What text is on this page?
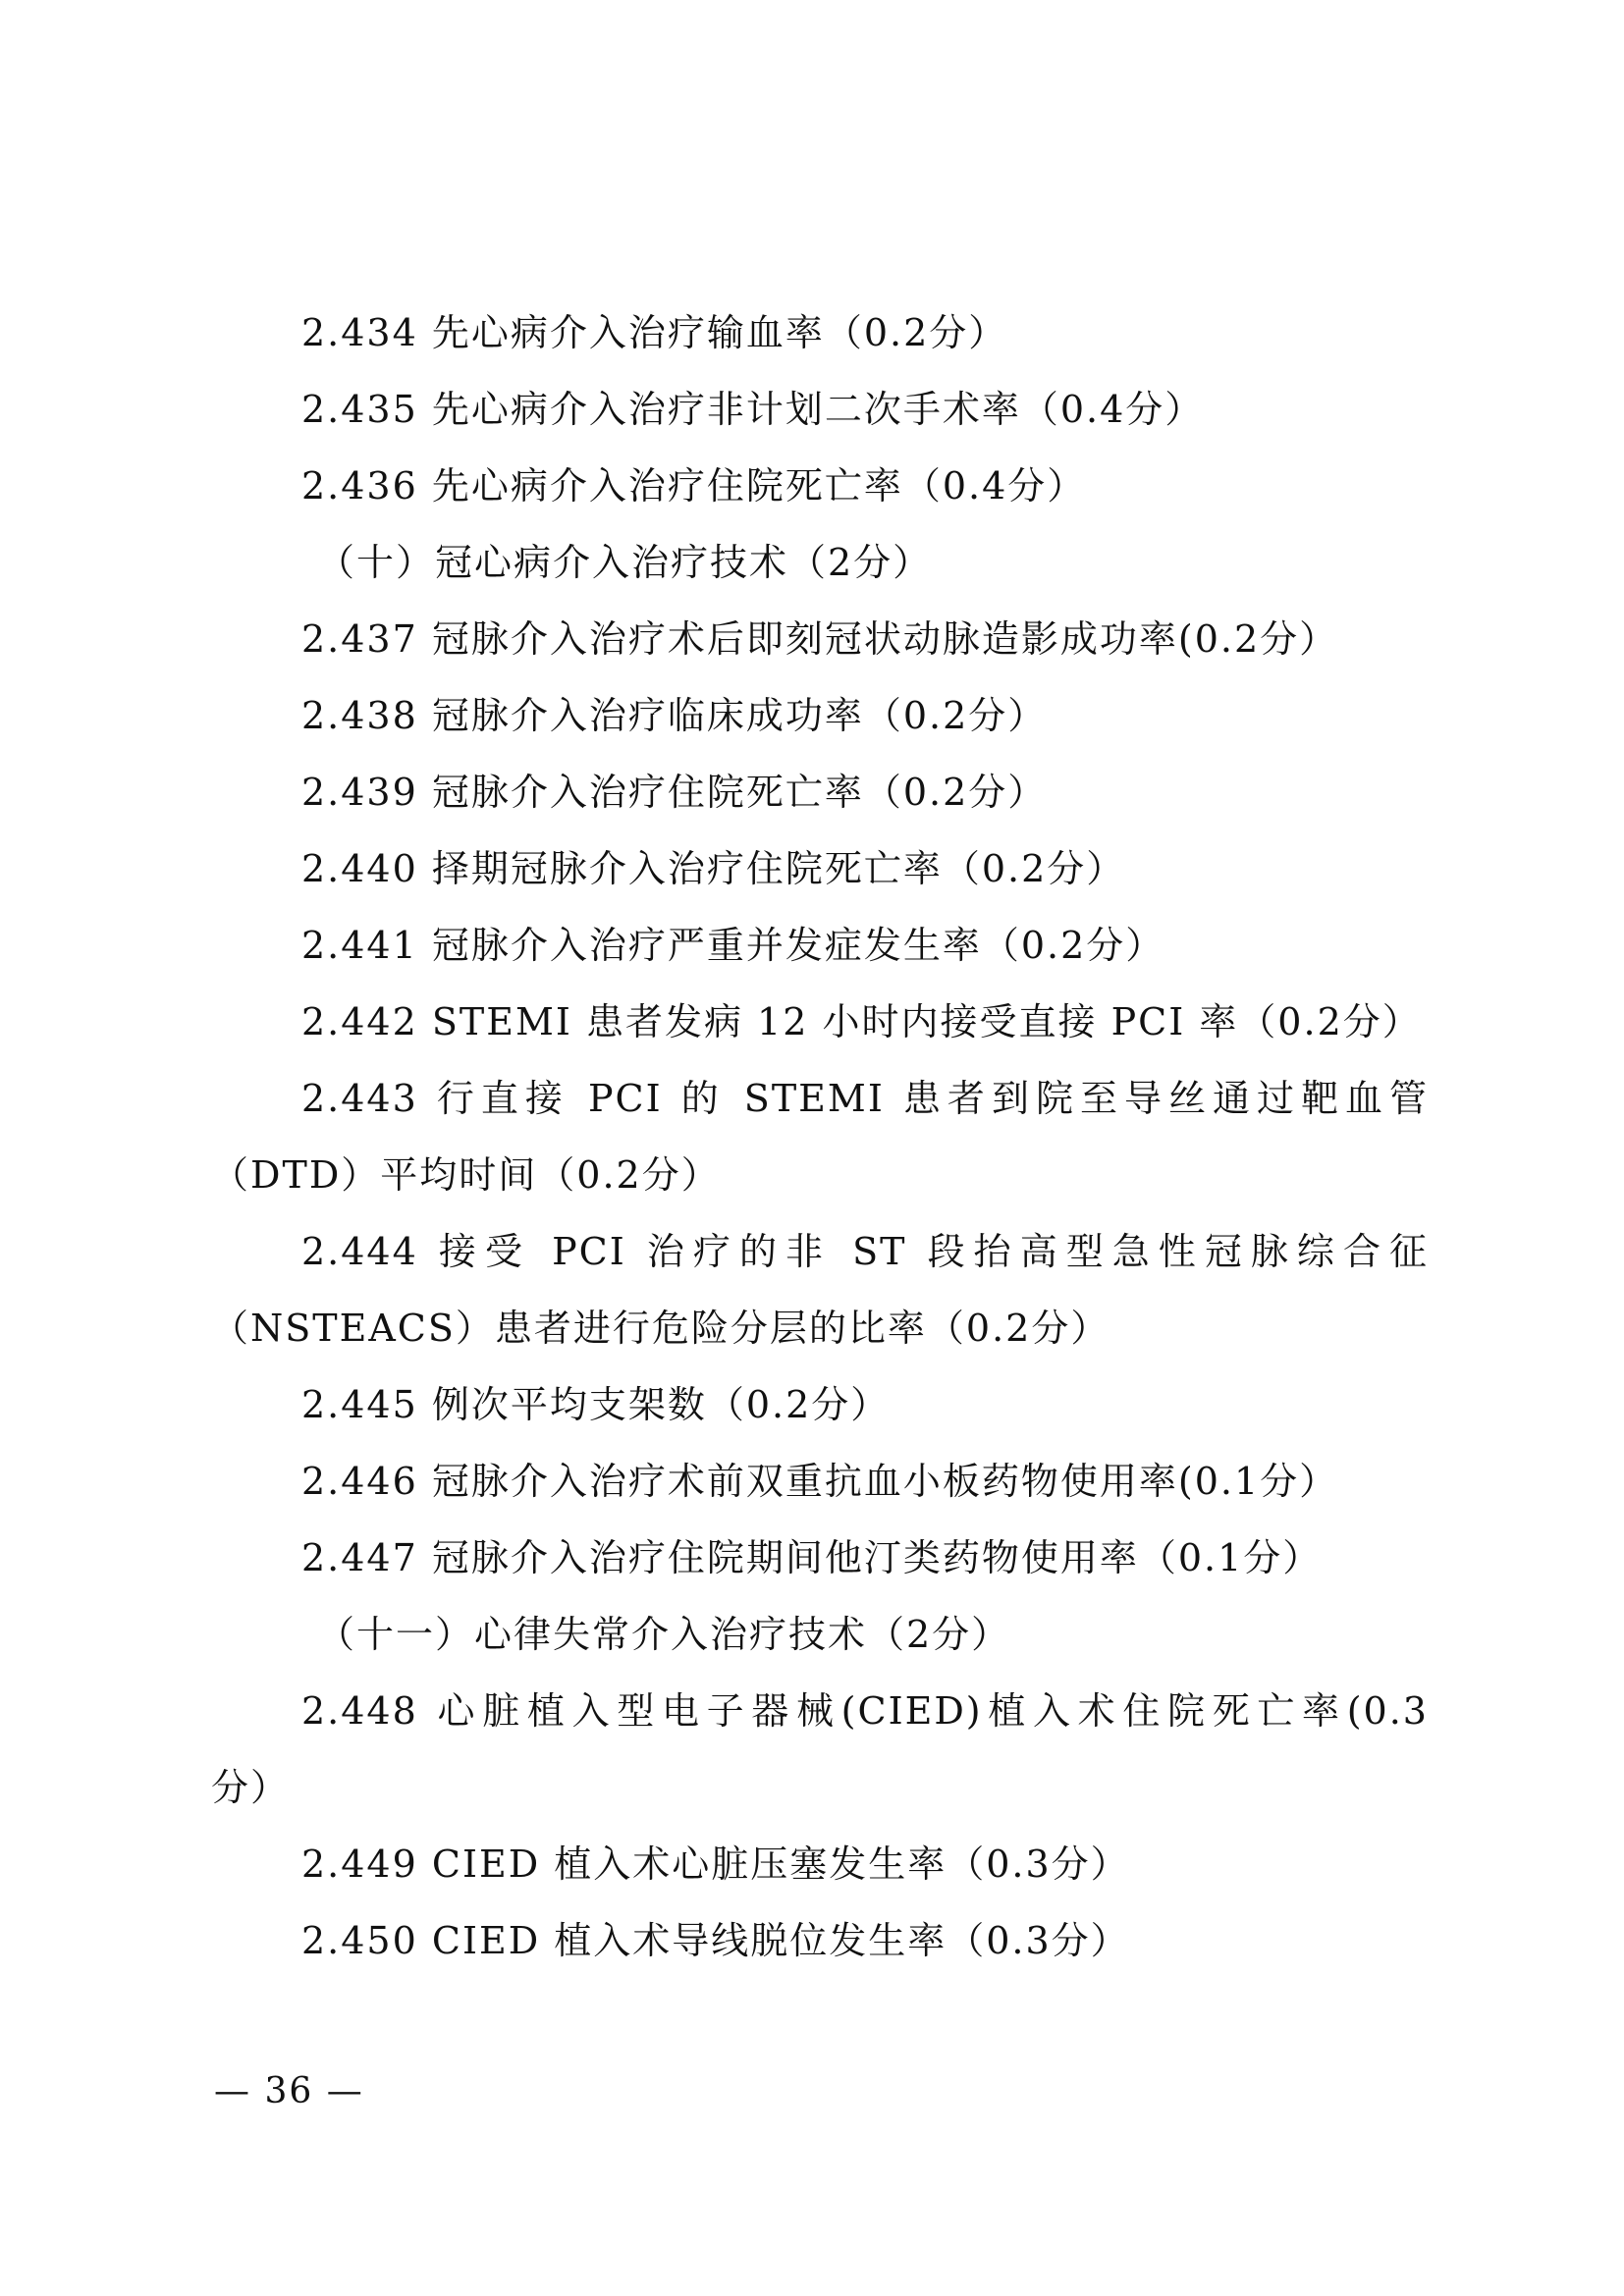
2.434 先心病介入治疗输血率（0.2分）
2.435 先心病介入治疗非计划二次手术率（0.4分）
2.436 先心病介入治疗住院死亡率（0.4分）
（十）冠心病介入治疗技术（2分）
2.437 冠脉介入治疗术后即刻冠状动脉造影成功率(0.2分）
2.438 冠脉介入治疗临床成功率（0.2分）
2.439 冠脉介入治疗住院死亡率（0.2分）
2.440 择期冠脉介入治疗住院死亡率（0.2分）
2.441 冠脉介入治疗严重并发症发生率（0.2分）
2.442 STEMI 患者发病 12 小时内接受直接 PCI 率（0.2分）
2.443 行直接 PCI 的 STEMI 患者到院至导丝通过靶血管
（DTD）平均时间（0.2分）
2.444 接受 PCI 治疗的非 ST 段抬高型急性冠脉综合征
（NSTEACS）患者进行危险分层的比率（0.2分）
2.445 例次平均支架数（0.2分）
2.446 冠脉介入治疗术前双重抗血小板药物使用率(0.1分）
2.447 冠脉介入治疗住院期间他汀类药物使用率（0.1分）
（十一）心律失常介入治疗技术（2分）
2.448 心脏植入型电子器械(CIED)植入术住院死亡率(0.3
分）
2.449 CIED 植入术心脏压塞发生率（0.3分）
2.450 CIED 植入术导线脱位发生率（0.3分）
— 36 —
